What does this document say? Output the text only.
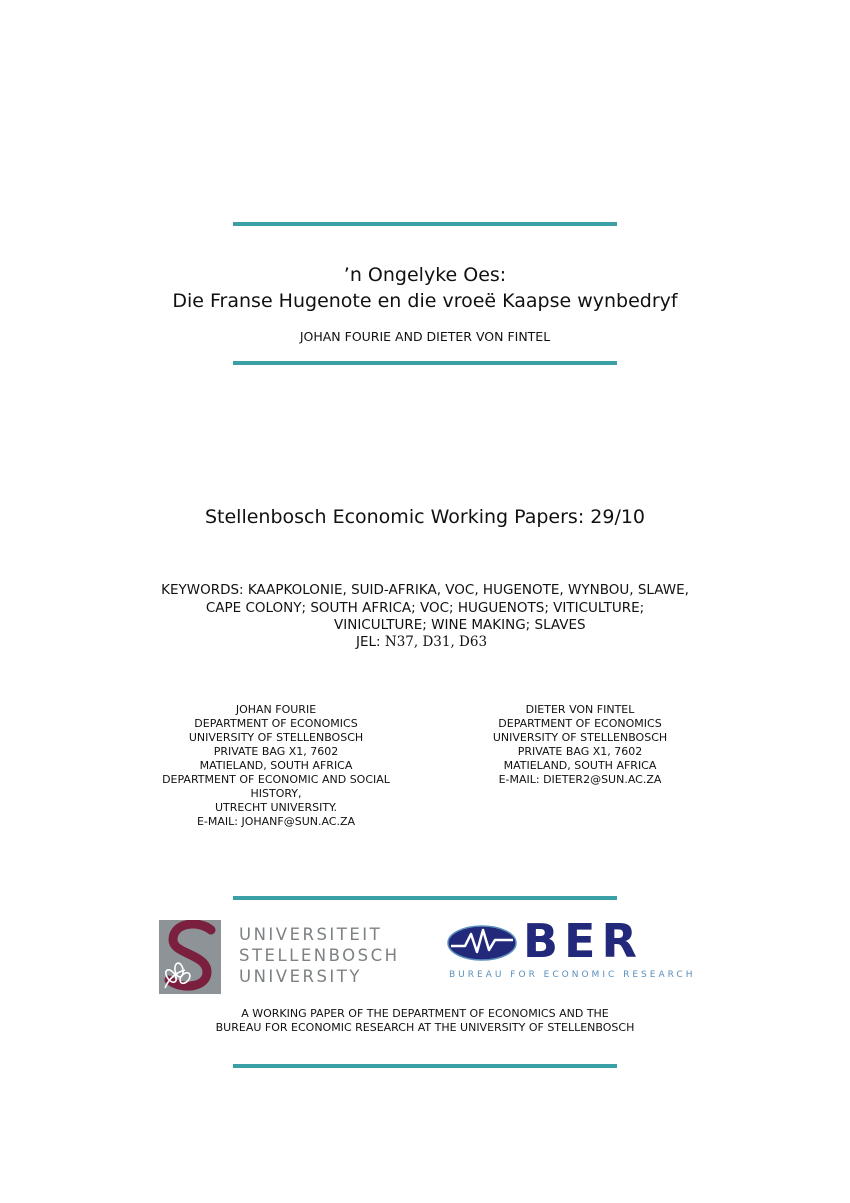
’n Ongelyke Oes:
Die Franse Hugenote en die vroeë Kaapse wynbedryf
JOHAN FOURIE AND DIETER VON FINTEL
Stellenbosch Economic Working Papers: 29/10
KEYWORDS: KAAPKOLONIE, SUID-AFRIKA, VOC, HUGENOTE, WYNBOU, SLAWE,
CAPE COLONY; SOUTH AFRICA; VOC; HUGUENOTS; VITICULTURE;
VINICULTURE; WINE MAKING; SLAVES
JEL: N37, D31, D63
JOHAN FOURIE
DEPARTMENT OF ECONOMICS
UNIVERSITY OF STELLENBOSCH
PRIVATE BAG X1, 7602
MATIELAND, SOUTH AFRICA
DEPARTMENT OF ECONOMIC AND SOCIAL
HISTORY,
UTRECHT UNIVERSITY.
E-MAIL: JOHANF@SUN.AC.ZA
DIETER VON FINTEL
DEPARTMENT OF ECONOMICS
UNIVERSITY OF STELLENBOSCH
PRIVATE BAG X1, 7602
MATIELAND, SOUTH AFRICA
E-MAIL: DIETER2@SUN.AC.ZA
UNIVERSITEIT
STELLENBOSCH
UNIVERSITY
BER
BUREAU FOR ECONOMIC RESEARCH
A WORKING PAPER OF THE DEPARTMENT OF ECONOMICS AND THE
BUREAU FOR ECONOMIC RESEARCH AT THE UNIVERSITY OF STELLENBOSCH
